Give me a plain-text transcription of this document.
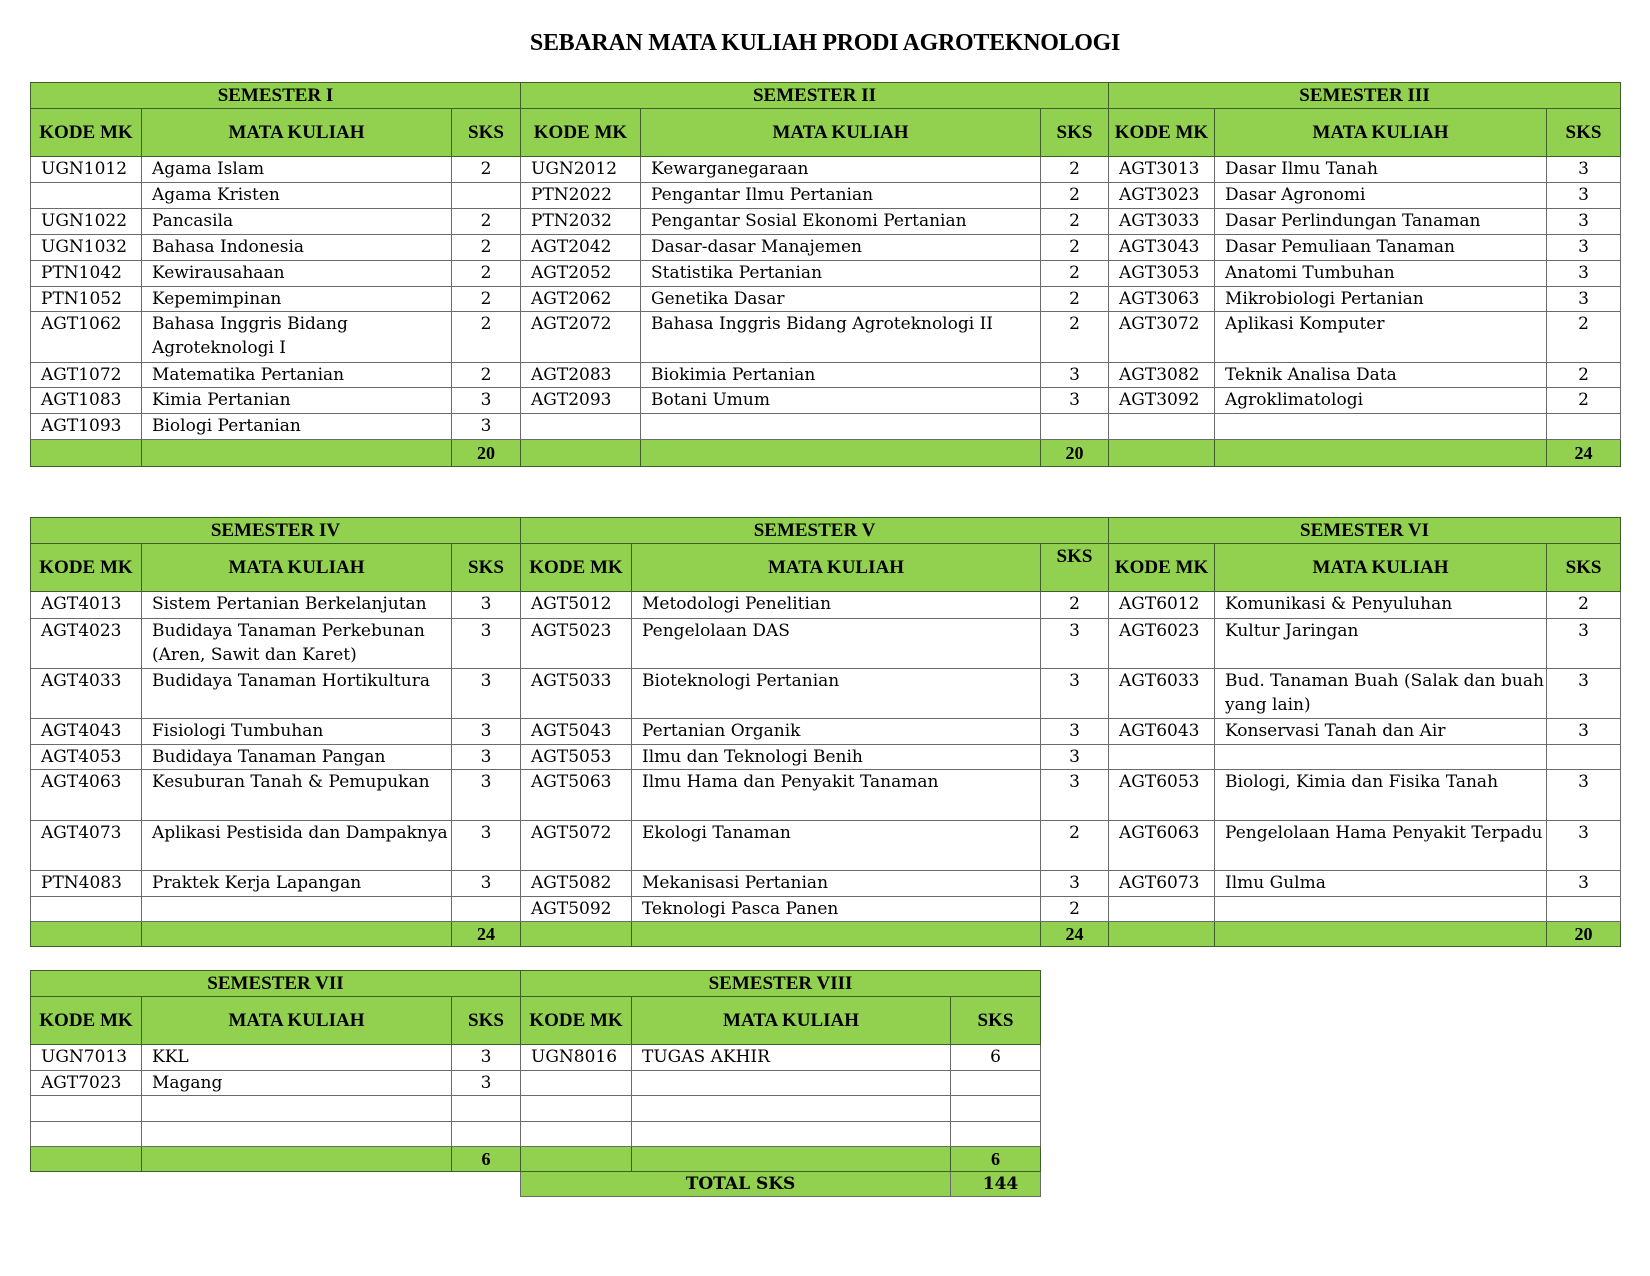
SEBARAN MATA KULIAH PRODI AGROTEKNOLOGI
SEMESTER I			SEMESTER II			SEMESTER III		
KODE MK	MATA KULIAH	SKS	KODE MK	MATA KULIAH	SKS	KODE MK	MATA KULIAH	SKS
UGN1012	Agama Islam	2	UGN2012	Kewarganegaraan	2	AGT3013	Dasar Ilmu Tanah	3
	Agama Kristen		PTN2022	Pengantar Ilmu Pertanian	2	AGT3023	Dasar Agronomi	3
UGN1022	Pancasila	2	PTN2032	Pengantar Sosial Ekonomi Pertanian	2	AGT3033	Dasar Perlindungan Tanaman	3
UGN1032	Bahasa Indonesia	2	AGT2042	Dasar-dasar Manajemen	2	AGT3043	Dasar Pemuliaan Tanaman	3
PTN1042	Kewirausahaan	2	AGT2052	Statistika Pertanian	2	AGT3053	Anatomi Tumbuhan	3
PTN1052	Kepemimpinan	2	AGT2062	Genetika Dasar	2	AGT3063	Mikrobiologi Pertanian	3
AGT1062	Bahasa Inggris Bidang Agroteknologi I	2	AGT2072	Bahasa Inggris Bidang Agroteknologi II	2	AGT3072	Aplikasi Komputer	2
AGT1072	Matematika Pertanian	2	AGT2083	Biokimia Pertanian	3	AGT3082	Teknik Analisa Data	2
AGT1083	Kimia Pertanian	3	AGT2093	Botani Umum	3	AGT3092	Agroklimatologi	2
AGT1093	Biologi Pertanian	3						
		20			20			24
SEMESTER IV			SEMESTER V			SEMESTER VI		
KODE MK	MATA KULIAH	SKS	KODE MK	MATA KULIAH	SKS	KODE MK	MATA KULIAH	SKS
AGT4013	Sistem Pertanian Berkelanjutan	3	AGT5012	Metodologi Penelitian	2	AGT6012	Komunikasi & Penyuluhan	2
AGT4023	Budidaya Tanaman Perkebunan (Aren, Sawit dan Karet)	3	AGT5023	Pengelolaan DAS	3	AGT6023	Kultur Jaringan	3
AGT4033	Budidaya Tanaman Hortikultura	3	AGT5033	Bioteknologi Pertanian	3	AGT6033	Bud. Tanaman Buah (Salak dan buah yang lain)	3
AGT4043	Fisiologi Tumbuhan	3	AGT5043	Pertanian Organik	3	AGT6043	Konservasi Tanah dan Air	3
AGT4053	Budidaya Tanaman Pangan	3	AGT5053	Ilmu dan Teknologi Benih	3			
AGT4063	Kesuburan Tanah & Pemupukan	3	AGT5063	Ilmu Hama dan Penyakit Tanaman	3	AGT6053	Biologi, Kimia dan Fisika Tanah	3
AGT4073	Aplikasi Pestisida dan Dampaknya	3	AGT5072	Ekologi Tanaman	2	AGT6063	Pengelolaan Hama Penyakit Terpadu	3
PTN4083	Praktek Kerja Lapangan	3	AGT5082	Mekanisasi Pertanian	3	AGT6073	Ilmu Gulma	3
			AGT5092	Teknologi Pasca Panen	2			
		24			24			20
SEMESTER VII			SEMESTER VIII		
KODE MK	MATA KULIAH	SKS	KODE MK	MATA KULIAH	SKS
UGN7013	KKL	3	UGN8016	TUGAS AKHIR	6
AGT7023	Magang	3			

		6			6
			TOTAL SKS		144
